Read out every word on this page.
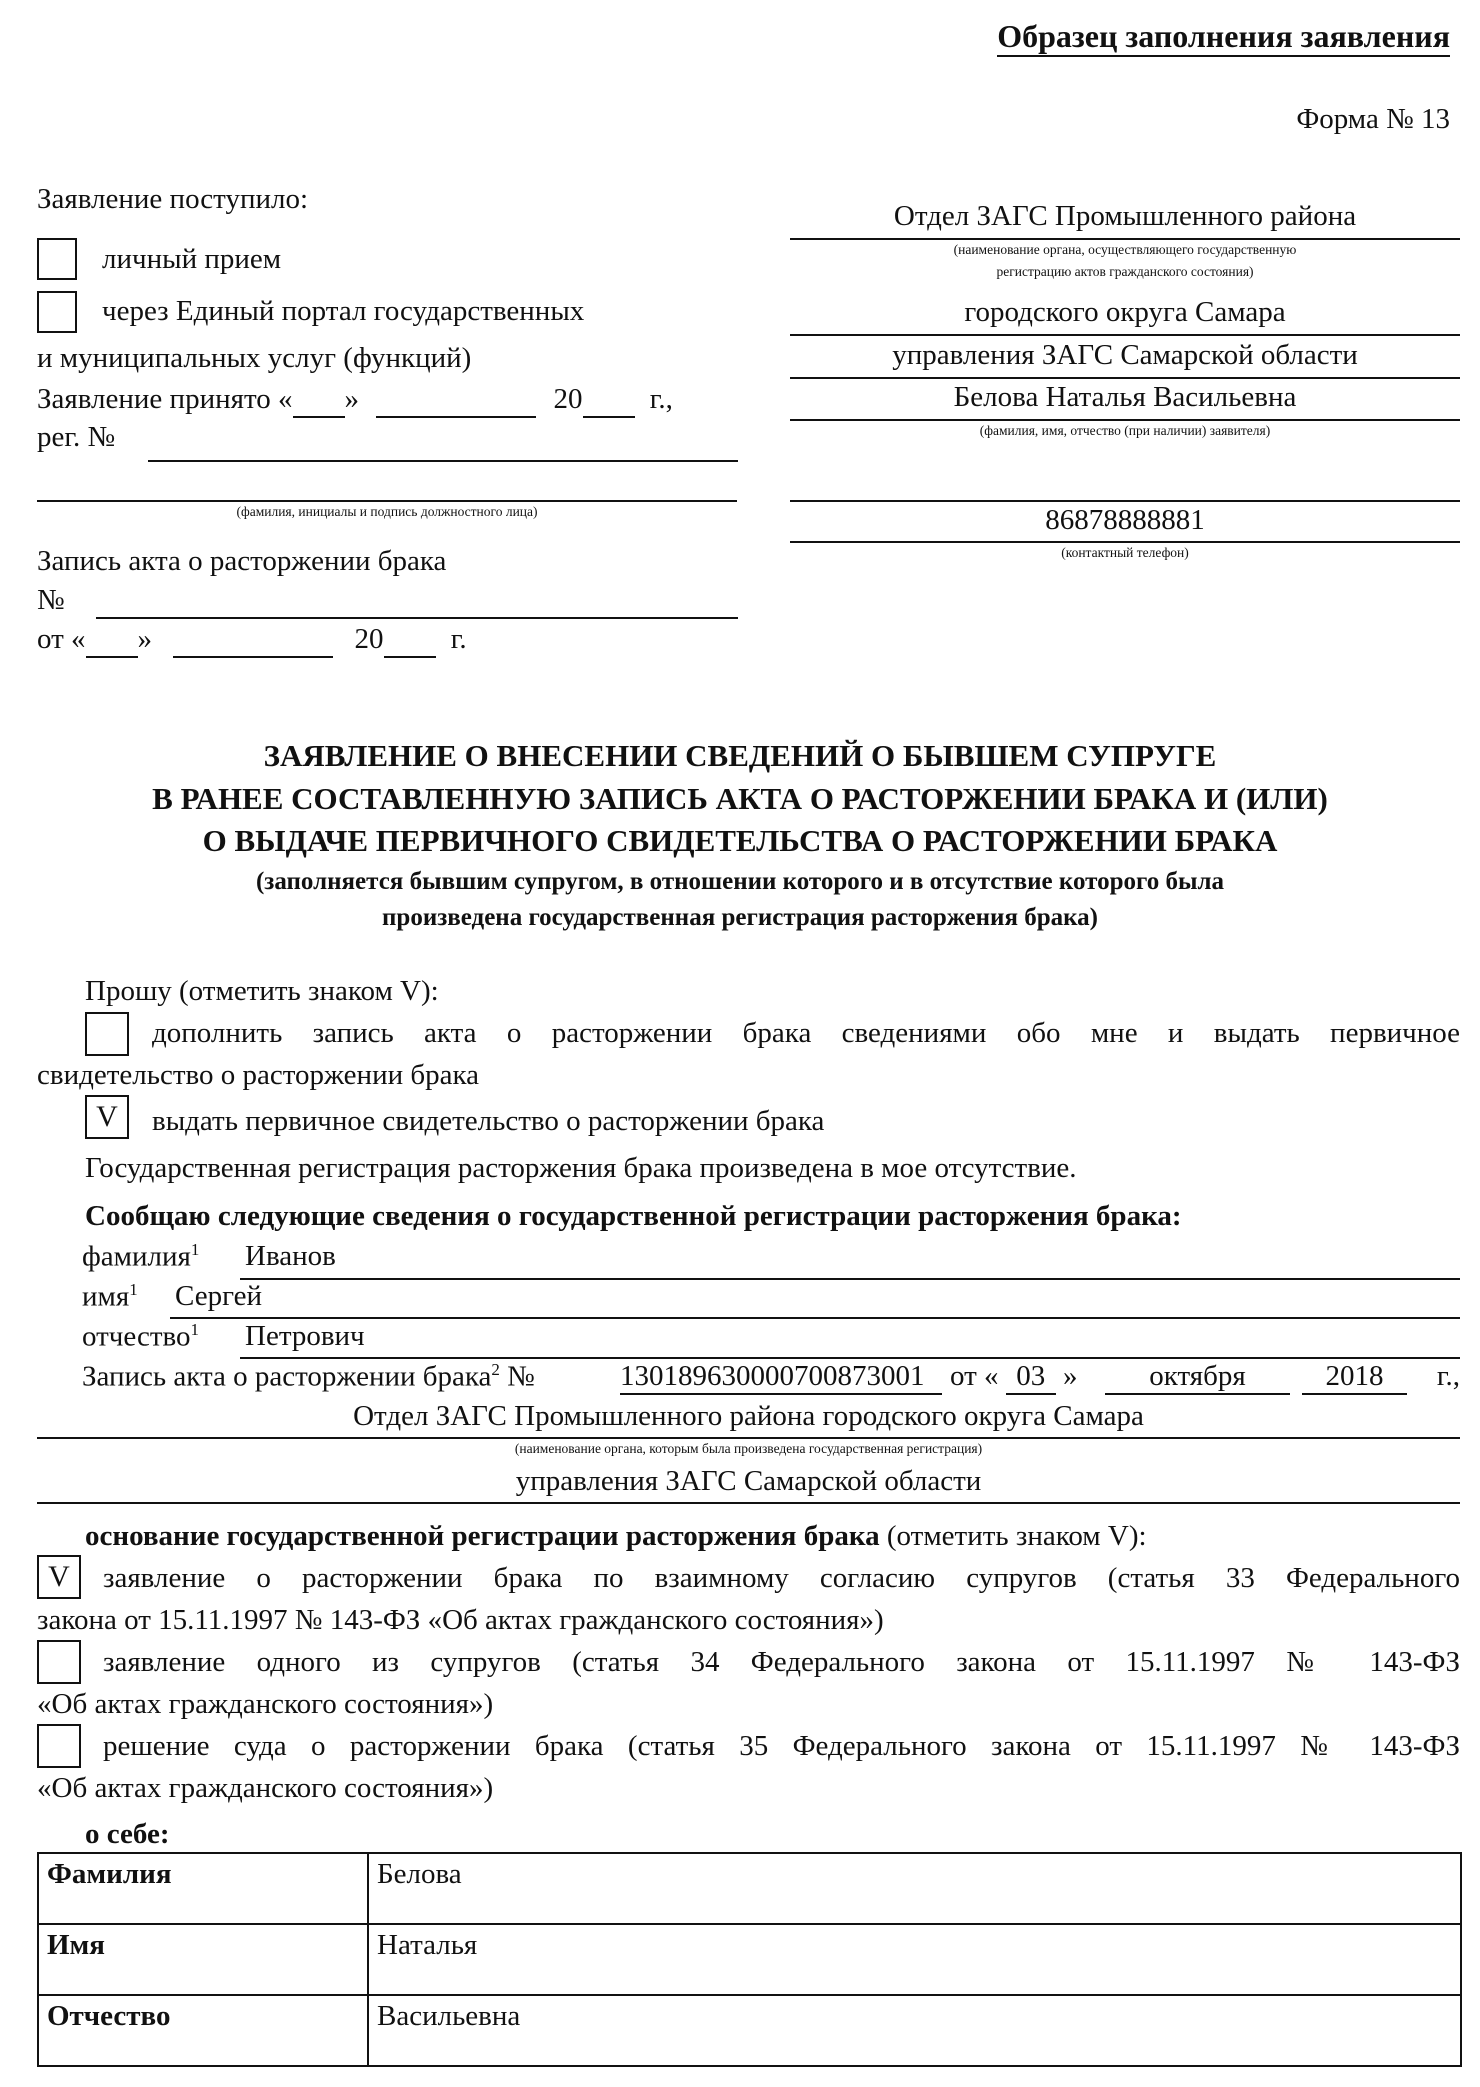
Образец заполнения заявления
Форма № 13
Заявление поступило:
личный прием
через Единый портал государственных
и муниципальных услуг (функций)
Заявление принято « »	20 г.,
рег. №
(фамилия, инициалы и подпись должностного лица)
Запись акта о расторжении брака
№
от « »	20 г.
Отдел ЗАГС Промышленного района
(наименование органа, осуществляющего государственную
регистрацию актов гражданского состояния)
городского округа Самара
управления ЗАГС Самарской области
Белова Наталья Васильевна
(фамилия, имя, отчество (при наличии) заявителя)
86878888881
(контактный телефон)
ЗАЯВЛЕНИЕ О ВНЕСЕНИИ СВЕДЕНИЙ О БЫВШЕМ СУПРУГЕ
В РАНЕЕ СОСТАВЛЕННУЮ ЗАПИСЬ АКТА О РАСТОРЖЕНИИ БРАКА И (ИЛИ)
О ВЫДАЧЕ ПЕРВИЧНОГО СВИДЕТЕЛЬСТВА О РАСТОРЖЕНИИ БРАКА
(заполняется бывшим супругом, в отношении которого и в отсутствие которого была
произведена государственная регистрация расторжения брака)
Прошу (отметить знаком V):
дополнить запись акта о расторжении брака сведениями обо мне и выдать первичное
свидетельство о расторжении брака
V	выдать первичное свидетельство о расторжении брака
Государственная регистрация расторжения брака произведена в мое отсутствие.
Сообщаю следующие сведения о государственной регистрации расторжения брака:
фамилия$^1$ Иванов
имя$^1$ Сергей
отчество$^1$ Петрович
Запись акта о расторжении брака$^2$ №	130189630000700873001 от « 03 »	октября	2018	г.,
Отдел ЗАГС Промышленного района городского округа Самара
(наименование органа, которым была произведена государственная регистрация)
управления ЗАГС Самарской области
основание государственной регистрации расторжения брака (отметить знаком V):
V	заявление о расторжении брака по взаимному согласию супругов (статья 33 Федерального
закона от 15.11.1997 № 143-ФЗ «Об актах гражданского состояния»)
заявление одного из супругов (статья 34 Федерального закона от 15.11.1997 № 143-ФЗ
«Об актах гражданского состояния»)
решение суда о расторжении брака (статья 35 Федерального закона от 15.11.1997 № 143-ФЗ
«Об актах гражданского состояния»)
о себе:
Фамилия	Белова
Имя	Наталья
Отчество	Васильевна
